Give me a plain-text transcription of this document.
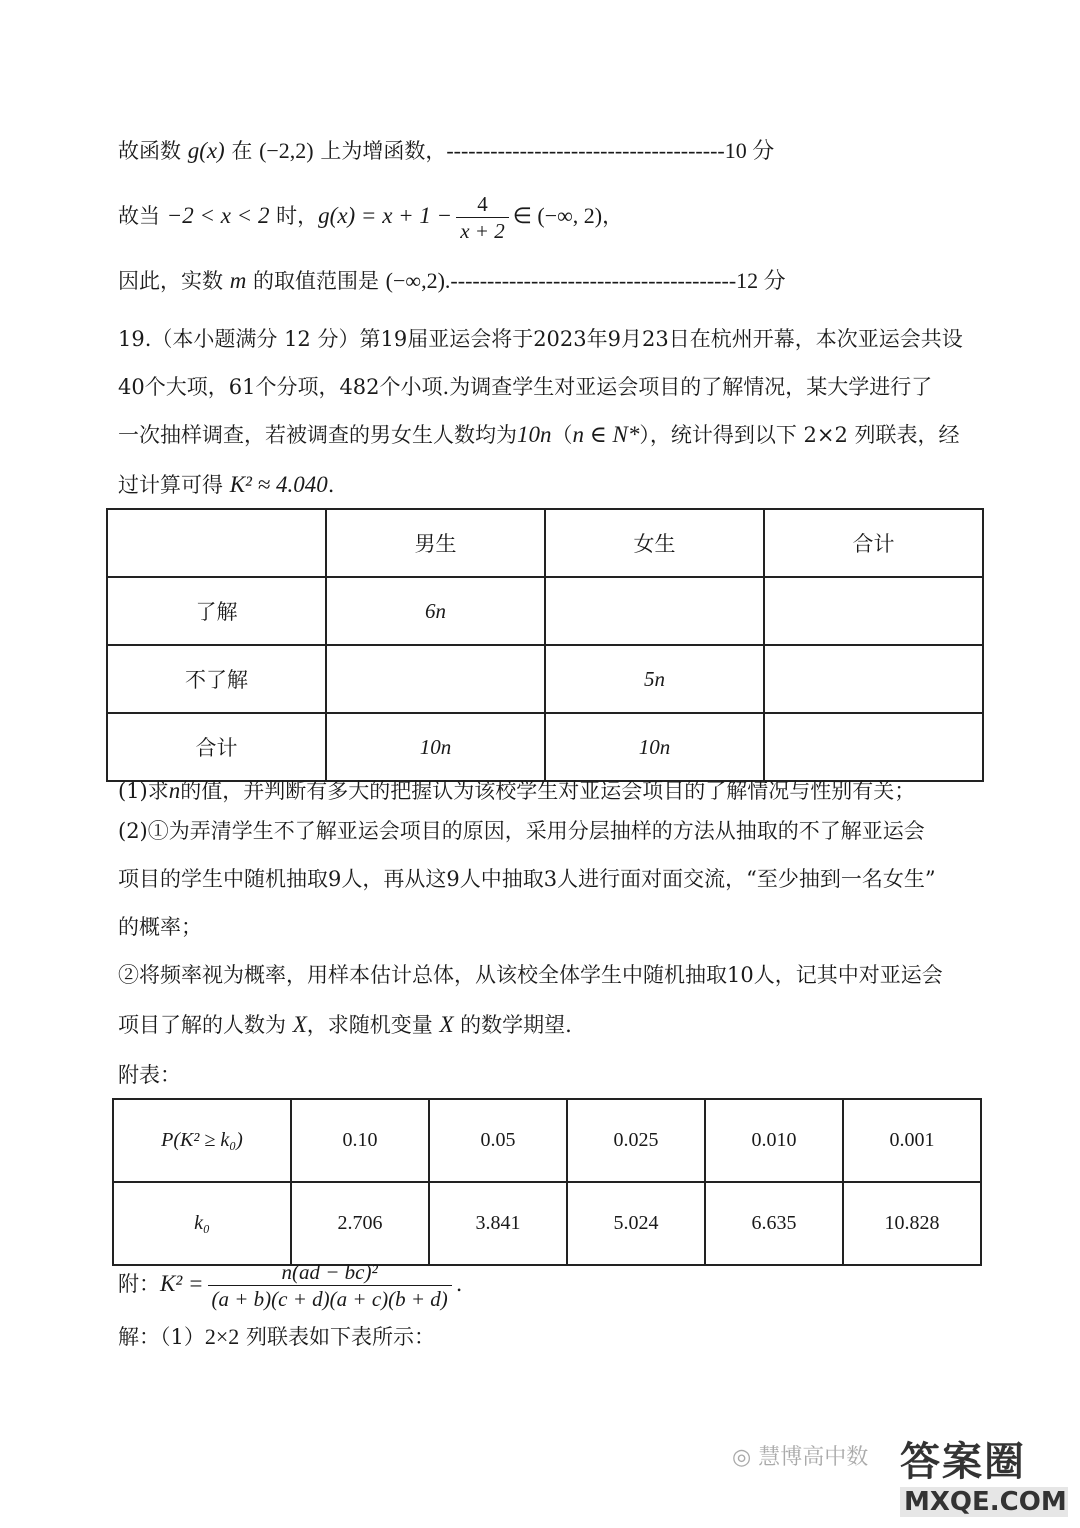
故函数 g(x) 在 (−2,2) 上为增函数，--------------------------------------10 分
故当 −2 < x < 2 时，$g(x) = x + 1 - \frac{4}{x + 2}$ ∈ (−∞, 2)，
因此，实数 m 的取值范围是 (−∞,2).---------------------------------------12 分
19.（本小题满分 12 分）第19届亚运会将于2023年9月23日在杭州开幕，本次亚运会共设
40个大项，61个分项，482个小项.为调查学生对亚运会项目的了解情况，某大学进行了
一次抽样调查，若被调查的男女生人数均为10n（n ∈ N*），统计得到以下 2×2 列联表，经
过计算可得 K² ≈ 4.040.
	男生	女生	合计
了解	6n		
不了解		5n	
合计	10n	10n	
(1)求n的值，并判断有多大的把握认为该校学生对亚运会项目的了解情况与性别有关；
(2)①为弄清学生不了解亚运会项目的原因，采用分层抽样的方法从抽取的不了解亚运会
项目的学生中随机抽取9人，再从这9人中抽取3人进行面对面交流，“至少抽到一名女生”
的概率；
②将频率视为概率，用样本估计总体，从该校全体学生中随机抽取10人，记其中对亚运会
项目了解的人数为 X，求随机变量 X 的数学期望.
附表：
P(K² ≥ k₀)	0.10	0.05	0.025	0.010	0.001
k₀	2.706	3.841	5.024	6.635	10.828
附：$K^2 = \frac{\text{n(ad − bc)²}}{(a + b)(c + d)(a + c)(b + d)}$ .
解：（1）2×2 列联表如下表所示：
◎ 慧博高中数 答案圈
MXQE.COM
